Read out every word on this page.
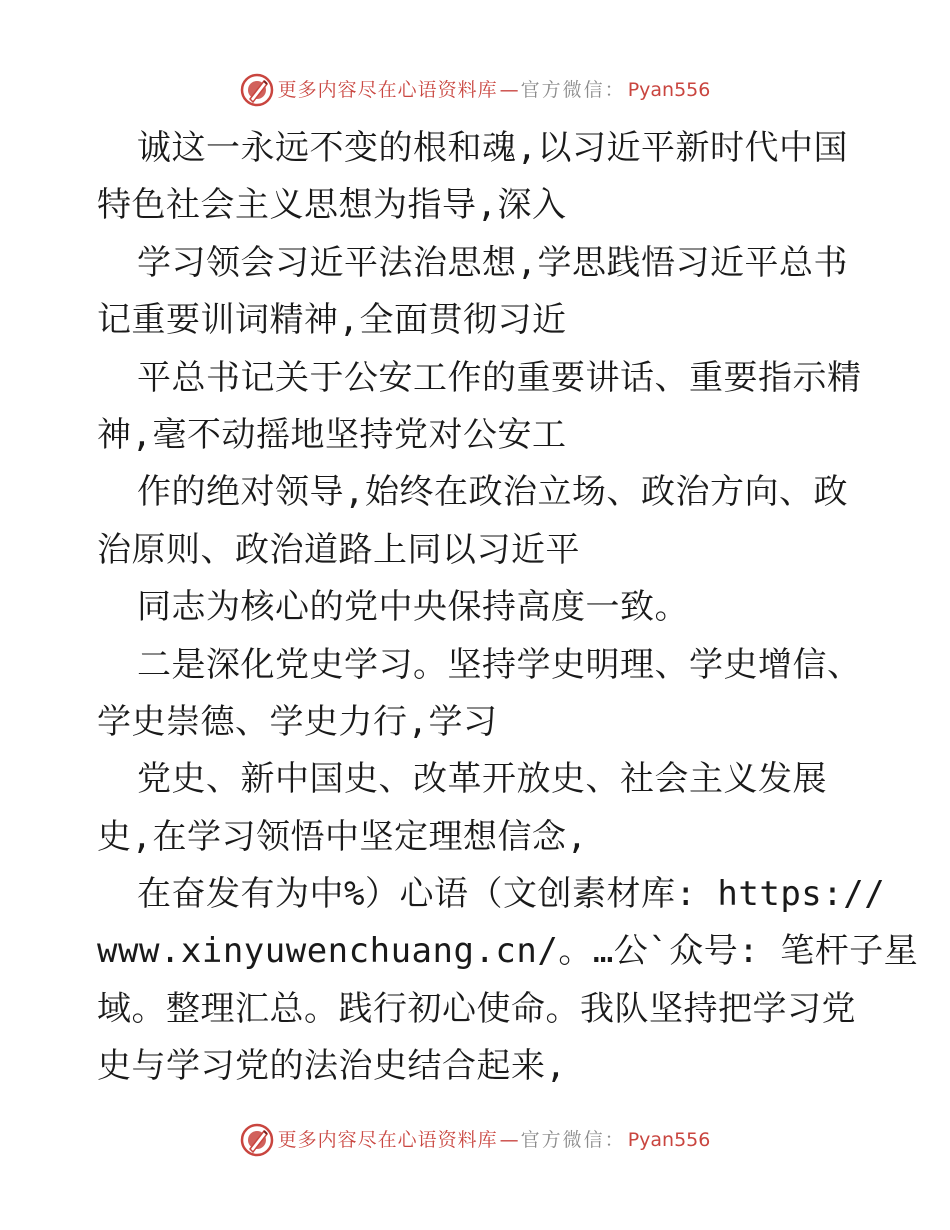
更多内容尽在心语资料库 — 官方微信： Pyan556
诚这一永远不变的根和魂,以习近平新时代中国
特色社会主义思想为指导,深入
学习领会习近平法治思想,学思践悟习近平总书
记重要训词精神,全面贯彻习近
平总书记关于公安工作的重要讲话、重要指示精
神,毫不动摇地坚持党对公安工
作的绝对领导,始终在政治立场、政治方向、政
治原则、政治道路上同以习近平
同志为核心的党中央保持高度一致。
二是深化党史学习。坚持学史明理、学史增信、
学史崇德、学史力行,学习
党史、新中国史、改革开放史、社会主义发展
史,在学习领悟中坚定理想信念,
在奋发有为中%）心语（文创素材库: https://
www.xinyuwenchuang.cn/。…公`众号: 笔杆子星
域。整理汇总。践行初心使命。我队坚持把学习党
史与学习党的法治史结合起来,
更多内容尽在心语资料库 — 官方微信： Pyan556
